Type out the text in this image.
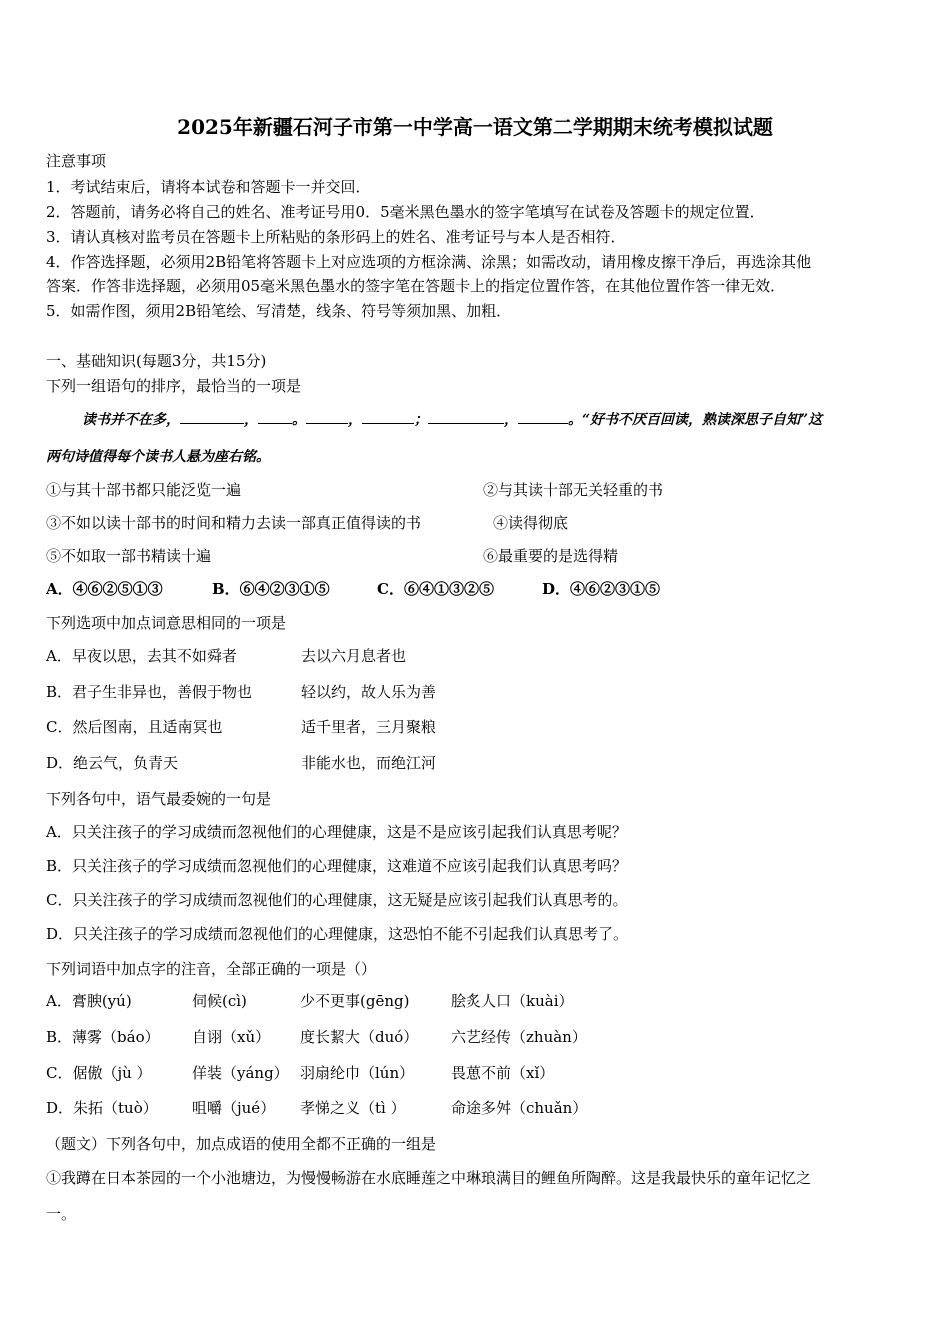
2025年新疆石河子市第一中学高一语文第二学期期末统考模拟试题
注意事项
1．考试结束后，请将本试卷和答题卡一并交回．
2．答题前，请务必将自己的姓名、准考证号用0．5毫米黑色墨水的签字笔填写在试卷及答题卡的规定位置．
3．请认真核对监考员在答题卡上所粘贴的条形码上的姓名、准考证号与本人是否相符．
4．作答选择题，必须用2B铅笔将答题卡上对应选项的方框涂满、涂黑；如需改动，请用橡皮擦干净后，再选涂其他
答案．作答非选择题，必须用05毫米黑色墨水的签字笔在答题卡上的指定位置作答，在其他位置作答一律无效．
5．如需作图，须用2B铅笔绘、写清楚，线条、符号等须加黑、加粗．
一、基础知识(每题3分，共15分)
下列一组语句的排序，最恰当的一项是
读书并不在多，	， 。	，	；	，	。“好书不厌百回读，熟读深思子自知”这
两句诗值得每个读书人悬为座右铭。
①与其十部书都只能泛览一遍	②与其读十部无关轻重的书
③不如以读十部书的时间和精力去读一部真正值得读的书	④读得彻底
⑤不如取一部书精读十遍	⑥最重要的是选得精
A．④⑥②⑤①③	B．⑥④②③①⑤	C．⑥④①③②⑤	D．④⑥②③①⑤
下列选项中加点词意思相同的一项是
A．早夜以思，去其不如舜者	去以六月息者也
B．君子生非异也，善假于物也	轻以约，故人乐为善
C．然后图南，且适南冥也	适千里者，三月聚粮
D．绝云气，负青天	非能水也，而绝江河
下列各句中，语气最委婉的一句是
A．只关注孩子的学习成绩而忽视他们的心理健康，这是不是应该引起我们认真思考呢？
B．只关注孩子的学习成绩而忽视他们的心理健康，这难道不应该引起我们认真思考吗？
C．只关注孩子的学习成绩而忽视他们的心理健康，这无疑是应该引起我们认真思考的。
D．只关注孩子的学习成绩而忽视他们的心理健康，这恐怕不能不引起我们认真思考了。
下列词语中加点字的注音，全部正确的一项是（）
A．膏腴(yú)	伺候(cì)	少不更事(gēng)	脍炙人口（kuài）
B．薄雾（báo） 自诩（xǔ） 度长絜大（duó） 六艺经传（zhuàn）
C．倨傲（jù ）	佯装（yáng） 羽扇纶巾（lún） 畏葸不前（xǐ）
D．朱拓（tuò） 咀嚼（jué） 孝悌之义（tì ）	命途多舛（chuǎn）
（题文）下列各句中，加点成语的使用全都不正确的一组是
①我蹲在日本茶园的一个小池塘边，为慢慢畅游在水底睡莲之中琳琅满目的鲤鱼所陶醉。这是我最快乐的童年记忆之
一。
